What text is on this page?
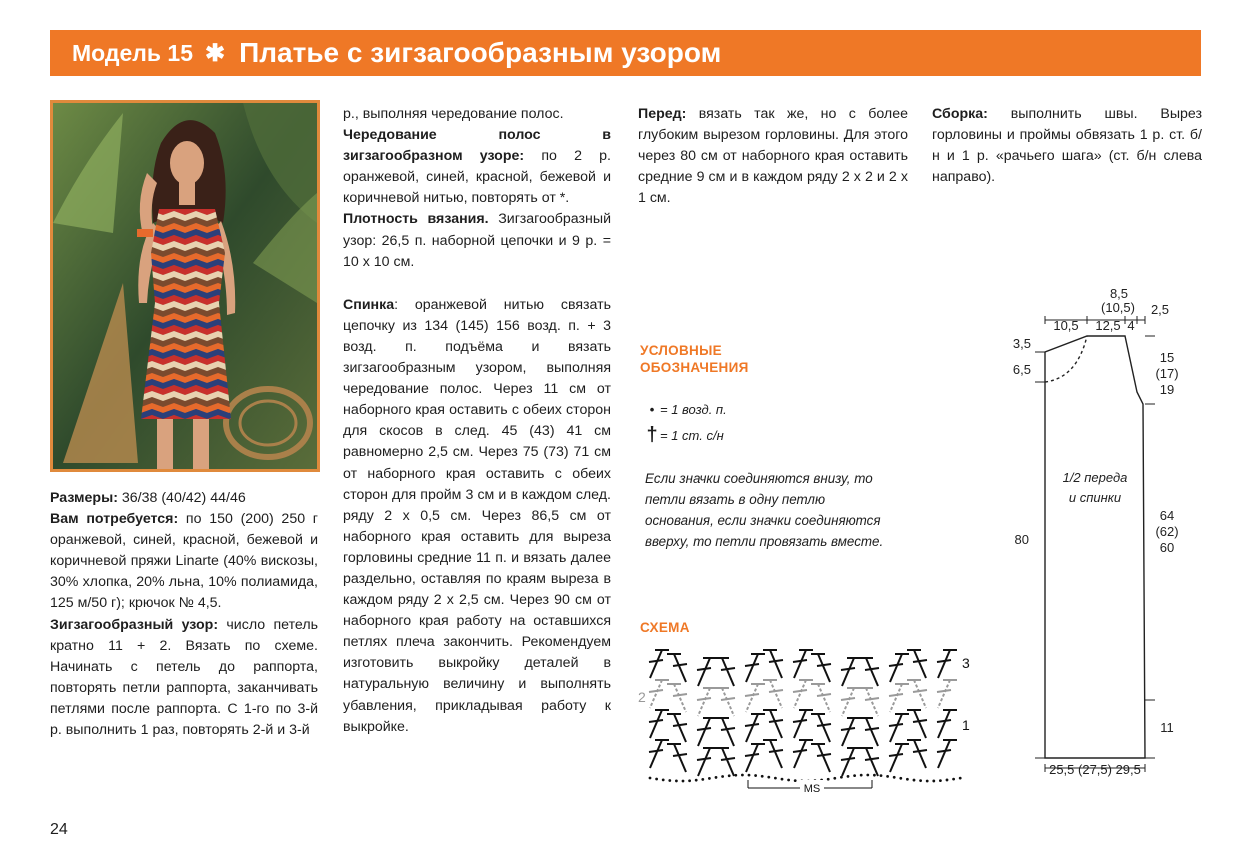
Модель 15 ✱ Платье с зигзагообразным узором

Размеры: 36/38 (40/42) 44/46

Вам потребуется: по 150 (200) 250 г оранжевой, синей, красной, бежевой и коричневой пряжи Linarte (40% вискозы, 30% хлопка, 20% льна, 10% полиамида, 125 м/50 г); крючок № 4,5.

Зигзагообразный узор: число петель кратно 11 + 2. Вязать по схеме. Начинать с петель до раппорта, повторять петли раппорта, заканчивать петлями после раппорта. С 1-го по 3-й р. выполнить 1 раз, повторять 2-й и 3-й

р., выполняя чередование полос.

Чередование полос в зигзагообразном узоре: по 2 р. оранжевой, синей, красной, бежевой и коричневой нитью, повторять от *.

Плотность вязания. Зигзагообразный узор: 26,5 п. наборной цепочки и 9 р. = 10 х 10 см.

Спинка: оранжевой нитью связать цепочку из 134 (145) 156 возд. п. + 3 возд. п. подъёма и вязать зигзагообразным узором, выполняя чередование полос. Через 11 см от наборного края оставить с обеих сторон для скосов в след. 45 (43) 41 см равномерно 2,5 см. Через 75 (73) 71 см от наборного края оставить с обеих сторон для пройм 3 см и в каждом след. ряду 2 х 0,5 см. Через 86,5 см от наборного края оставить для выреза горловины средние 11 п. и вязать далее раздельно, оставляя по краям выреза в каждом ряду 2 х 2,5 см. Через 90 см от наборного края работу на оставшихся петлях плеча закончить. Рекомендуем изготовить выкройку деталей в натуральную величину и выполнять убавления, прикладывая работу к выкройке.

Перед: вязать так же, но с более глубоким вырезом горловины. Для этого через 80 см от наборного края оставить средние 9 см и в каждом ряду 2 х 2 и 2 х 1 см.

УСЛОВНЫЕ
ОБОЗНАЧЕНИЯ
• = 1 возд. п.
† = 1 ст. с/н
Если значки соединяются внизу, то петли вязать в одну петлю основания, если значки соединяются вверху, то петли провязать вместе.
СХЕМА
3
2
1
MS

Сборка: выполнить швы. Вырез горловины и проймы обвязать 1 р. ст. б/н и 1 р. «рачьего шага» (ст. б/н слева направо).

8,5
(10,5)
12,5 4
2,5
10,5
3,5
6,5
15
(17)
19
1/2 переда
и спинки
64
(62)
60
80
11
25,5 (27,5) 29,5
24
